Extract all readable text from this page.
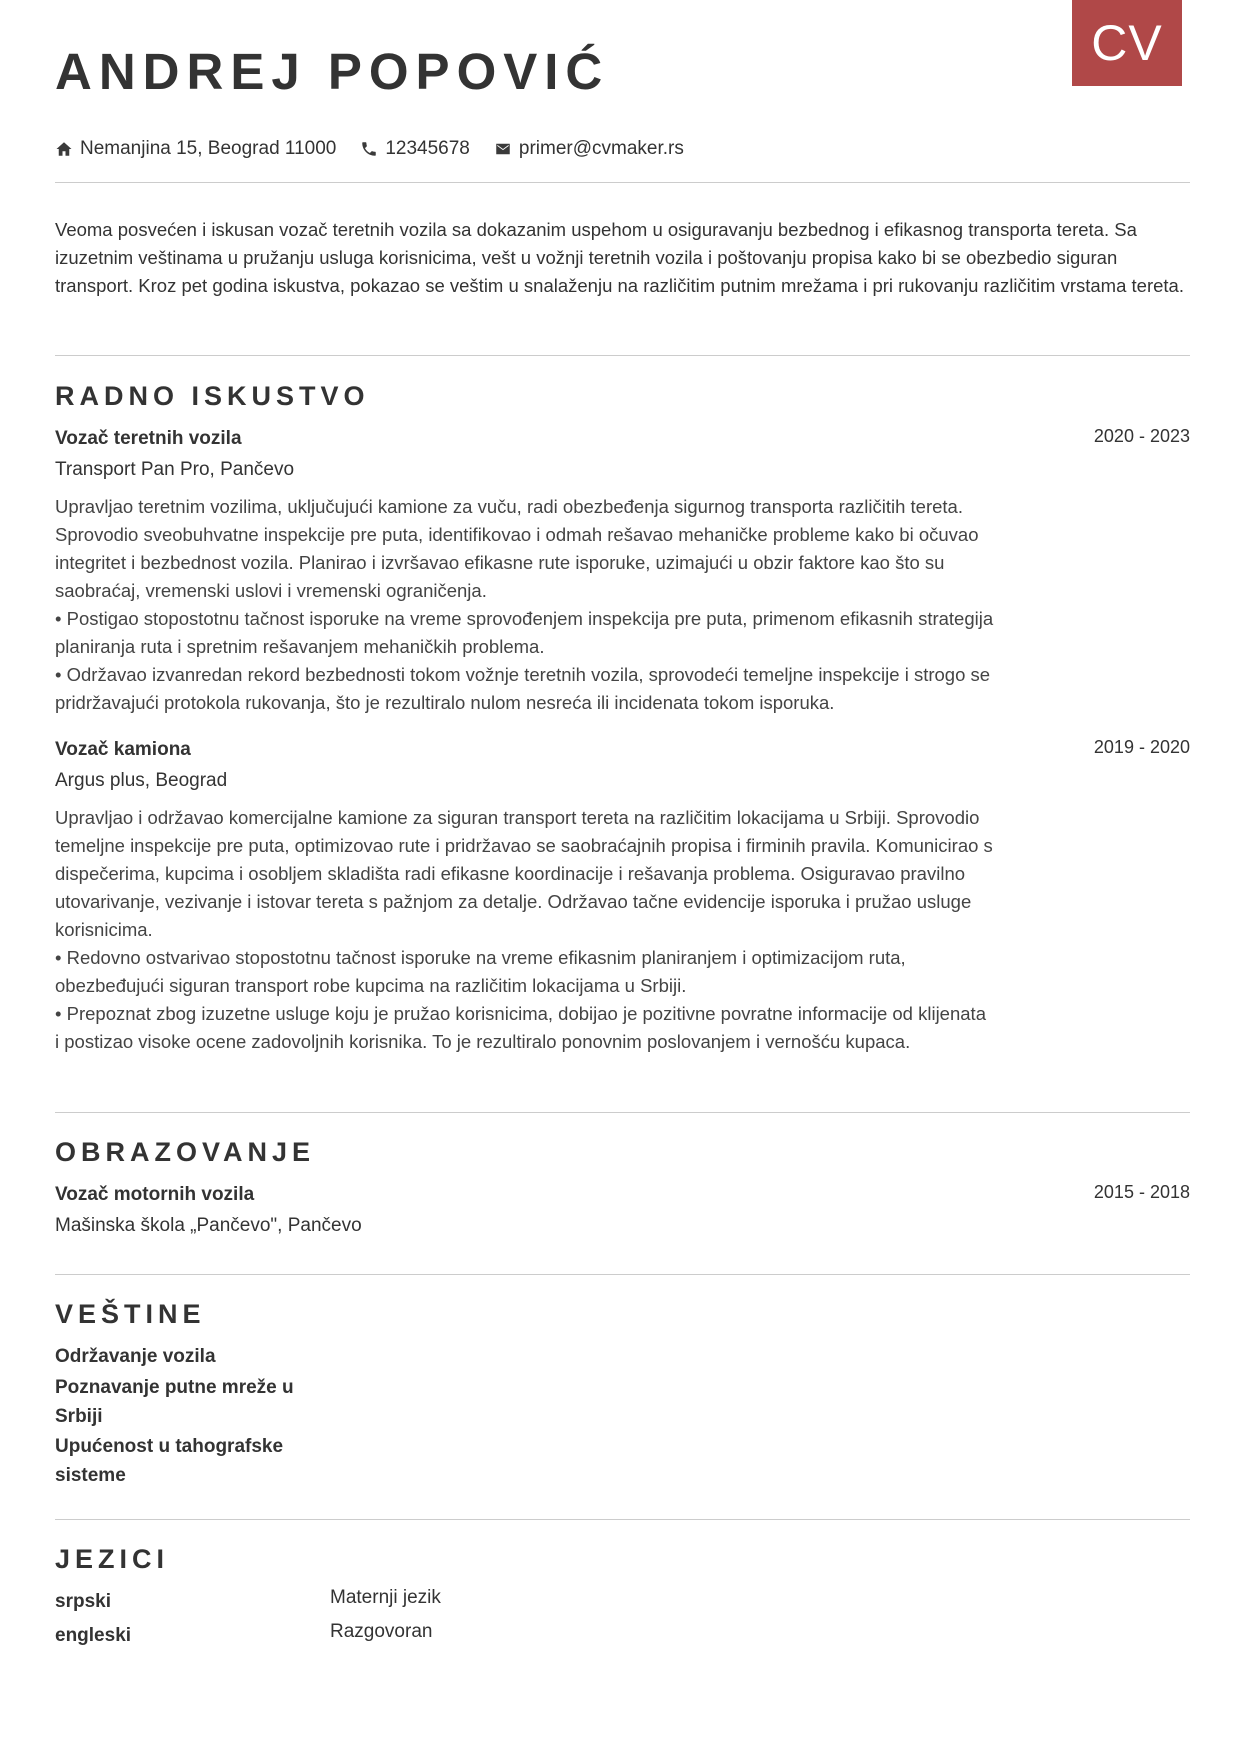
CV
ANDREJ POPOVIĆ
Nemanjina 15, Beograd 11000	12345678	primer@cvmaker.rs

Veoma posvećen i iskusan vozač teretnih vozila sa dokazanim uspehom u osiguravanju bezbednog i efikasnog transporta tereta. Sa izuzetnim veštinama u pružanju usluga korisnicima, vešt u vožnji teretnih vozila i poštovanju propisa kako bi se obezbedio siguran transport. Kroz pet godina iskustva, pokazao se veštim u snalaženju na različitim putnim mrežama i pri rukovanju različitim vrstama tereta.

RADNO ISKUSTVO
Vozač teretnih vozila	2020 - 2023
Transport Pan Pro, Pančevo

Upravljao teretnim vozilima, uključujući kamione za vuču, radi obezbeđenja sigurnog transporta različitih tereta. Sprovodio sveobuhvatne inspekcije pre puta, identifikovao i odmah rešavao mehaničke probleme kako bi očuvao integritet i bezbednost vozila. Planirao i izvršavao efikasne rute isporuke, uzimajući u obzir faktore kao što su saobraćaj, vremenski uslovi i vremenski ograničenja.

• Postigao stopostotnu tačnost isporuke na vreme sprovođenjem inspekcija pre puta, primenom efikasnih strategija planiranja ruta i spretnim rešavanjem mehaničkih problema.

• Održavao izvanredan rekord bezbednosti tokom vožnje teretnih vozila, sprovodeći temeljne inspekcije i strogo se pridržavajući protokola rukovanja, što je rezultiralo nulom nesreća ili incidenata tokom isporuka.

Vozač kamiona	2019 - 2020
Argus plus, Beograd

Upravljao i održavao komercijalne kamione za siguran transport tereta na različitim lokacijama u Srbiji. Sprovodio temeljne inspekcije pre puta, optimizovao rute i pridržavao se saobraćajnih propisa i firminih pravila. Komunicirao s dispečerima, kupcima i osobljem skladišta radi efikasne koordinacije i rešavanja problema. Osiguravao pravilno utovarivanje, vezivanje i istovar tereta s pažnjom za detalje. Održavao tačne evidencije isporuka i pružao usluge korisnicima.

• Redovno ostvarivao stopostotnu tačnost isporuke na vreme efikasnim planiranjem i optimizacijom ruta, obezbeđujući siguran transport robe kupcima na različitim lokacijama u Srbiji.

• Prepoznat zbog izuzetne usluge koju je pružao korisnicima, dobijao je pozitivne povratne informacije od klijenata i postizao visoke ocene zadovoljnih korisnika. To je rezultiralo ponovnim poslovanjem i vernošću kupaca.

OBRAZOVANJE
Vozač motornih vozila	2015 - 2018
Mašinska škola „Pančevo", Pančevo
VEŠTINE
Održavanje vozila
Poznavanje putne mreže u Srbiji
Upućenost u tahografske sisteme
JEZICI
srpski	Maternji jezik
engleski	Razgovoran
